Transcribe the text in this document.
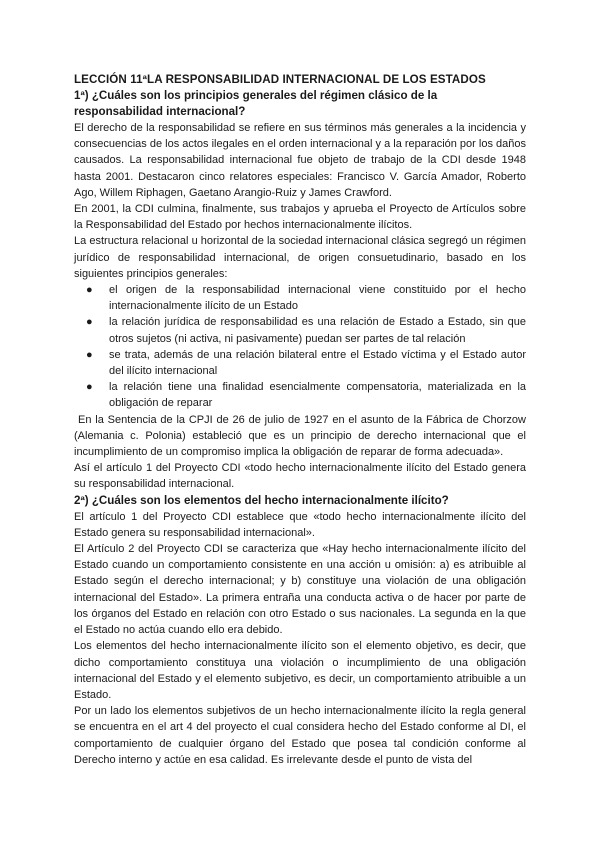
LECCIÓN 11ªLA RESPONSABILIDAD INTERNACIONAL DE LOS ESTADOS
1ª) ¿Cuáles son los principios generales del régimen clásico de la responsabilidad internacional?

El derecho de la responsabilidad se refiere en sus términos más generales a la incidencia y consecuencias de los actos ilegales en el orden internacional y a la reparación por los daños causados. La responsabilidad internacional fue objeto de trabajo de la CDI desde 1948 hasta 2001. Destacaron cinco relatores especiales: Francisco V. García Amador, Roberto Ago, Willem Riphagen, Gaetano Arangio-Ruiz y James Crawford.

En 2001, la CDI culmina, finalmente, sus trabajos y aprueba el Proyecto de Artículos sobre la Responsabilidad del Estado por hechos internacionalmente ilícitos.

La estructura relacional u horizontal de la sociedad internacional clásica segregó un régimen jurídico de responsabilidad internacional, de origen consuetudinario, basado en los siguientes principios generales:

● el origen de la responsabilidad internacional viene constituido por el hecho internacionalmente ilícito de un Estado
● la relación jurídica de responsabilidad es una relación de Estado a Estado, sin que otros sujetos (ni activa, ni pasivamente) puedan ser partes de tal relación
● se trata, además de una relación bilateral entre el Estado víctima y el Estado autor del ilícito internacional
● la relación tiene una finalidad esencialmente compensatoria, materializada en la obligación de reparar

En la Sentencia de la CPJI de 26 de julio de 1927 en el asunto de la Fábrica de Chorzow (Alemania c. Polonia) estableció que es un principio de derecho internacional que el incumplimiento de un compromiso implica la obligación de reparar de forma adecuada».

Así el artículo 1 del Proyecto CDI «todo hecho internacionalmente ilícito del Estado genera su responsabilidad internacional.

2ª) ¿Cuáles son los elementos del hecho internacionalmente ilícito?

El artículo 1 del Proyecto CDI establece que «todo hecho internacionalmente ilícito del Estado genera su responsabilidad internacional».

El Artículo 2 del Proyecto CDI se caracteriza que «Hay hecho internacionalmente ilícito del Estado cuando un comportamiento consistente en una acción u omisión: a) es atribuible al Estado según el derecho internacional; y b) constituye una violación de una obligación internacional del Estado». La primera entraña una conducta activa o de hacer por parte de los órganos del Estado en relación con otro Estado o sus nacionales. La segunda en la que el Estado no actúa cuando ello era debido.

Los elementos del hecho internacionalmente ilícito son el elemento objetivo, es decir, que dicho comportamiento constituya una violación o incumplimiento de una obligación internacional del Estado y el elemento subjetivo, es decir, un comportamiento atribuible a un Estado.

Por un lado los elementos subjetivos de un hecho internacionalmente ilícito la regla general se encuentra en el art 4 del proyecto el cual considera hecho del Estado conforme al DI, el comportamiento de cualquier órgano del Estado que posea tal condición conforme al Derecho interno y actúe en esa calidad. Es irrelevante desde el punto de vista del
